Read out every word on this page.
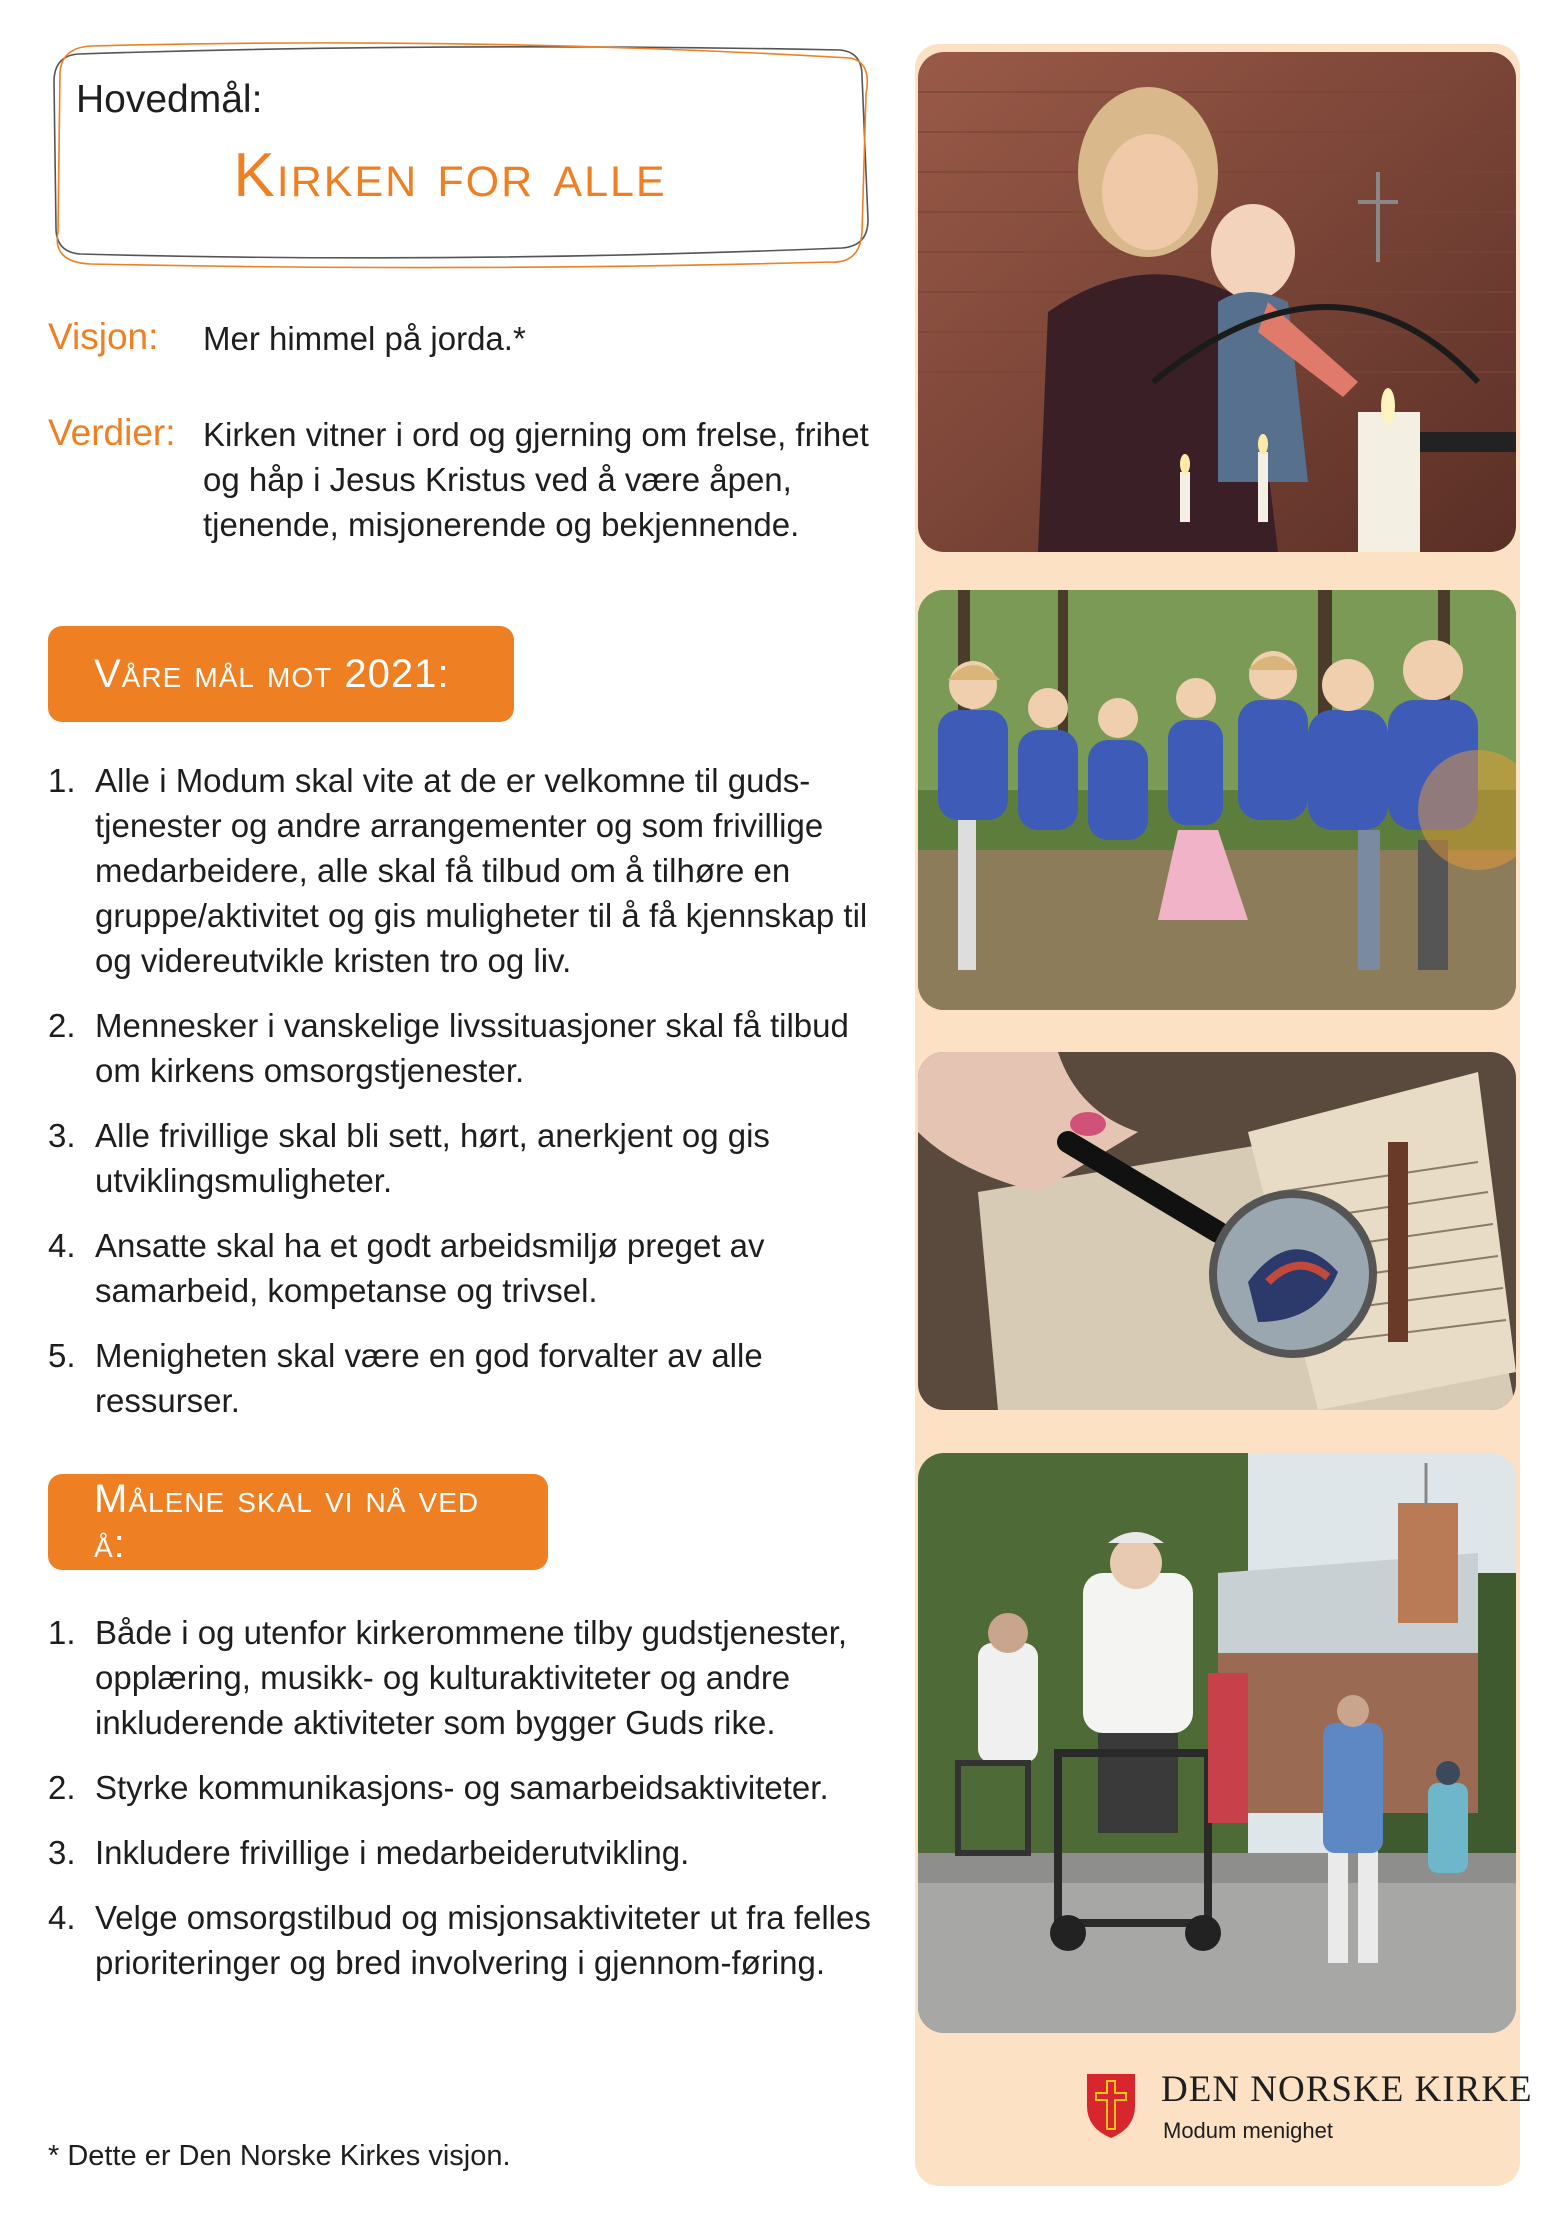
Hovedmål:
Kirken for alle
Visjon:	Mer himmel på jorda.*
Verdier: Kirken vitner i ord og gjerning om frelse, frihet og håp i Jesus Kristus ved å være åpen, tjenende, misjonerende og bekjennende.
Våre mål mot 2021:
1. Alle i Modum skal vite at de er velkomne til guds-tjenester og andre arrangementer og som frivillige medarbeidere, alle skal få tilbud om å tilhøre en gruppe/aktivitet og gis muligheter til å få kjennskap til og videreutvikle kristen tro og liv.
2. Mennesker i vanskelige livssituasjoner skal få tilbud om kirkens omsorgstjenester.
3. Alle frivillige skal bli sett, hørt, anerkjent og gis utviklingsmuligheter.
4. Ansatte skal ha et godt arbeidsmiljø preget av samarbeid, kompetanse og trivsel.
5. Menigheten skal være en god forvalter av alle ressurser.
Målene skal vi nå ved å:
1. Både i og utenfor kirkerommene tilby gudstjenester, opplæring, musikk- og kulturaktiviteter og andre inkluderende aktiviteter som bygger Guds rike.
2. Styrke kommunikasjons- og samarbeidsaktiviteter.
3. Inkludere frivillige i medarbeiderutvikling.
4. Velge omsorgstilbud og misjonsaktiviteter ut fra felles prioriteringer og bred involvering i gjennom-føring.
* Dette er Den Norske Kirkes visjon.
DEN NORSKE KIRKE
Modum menighet
